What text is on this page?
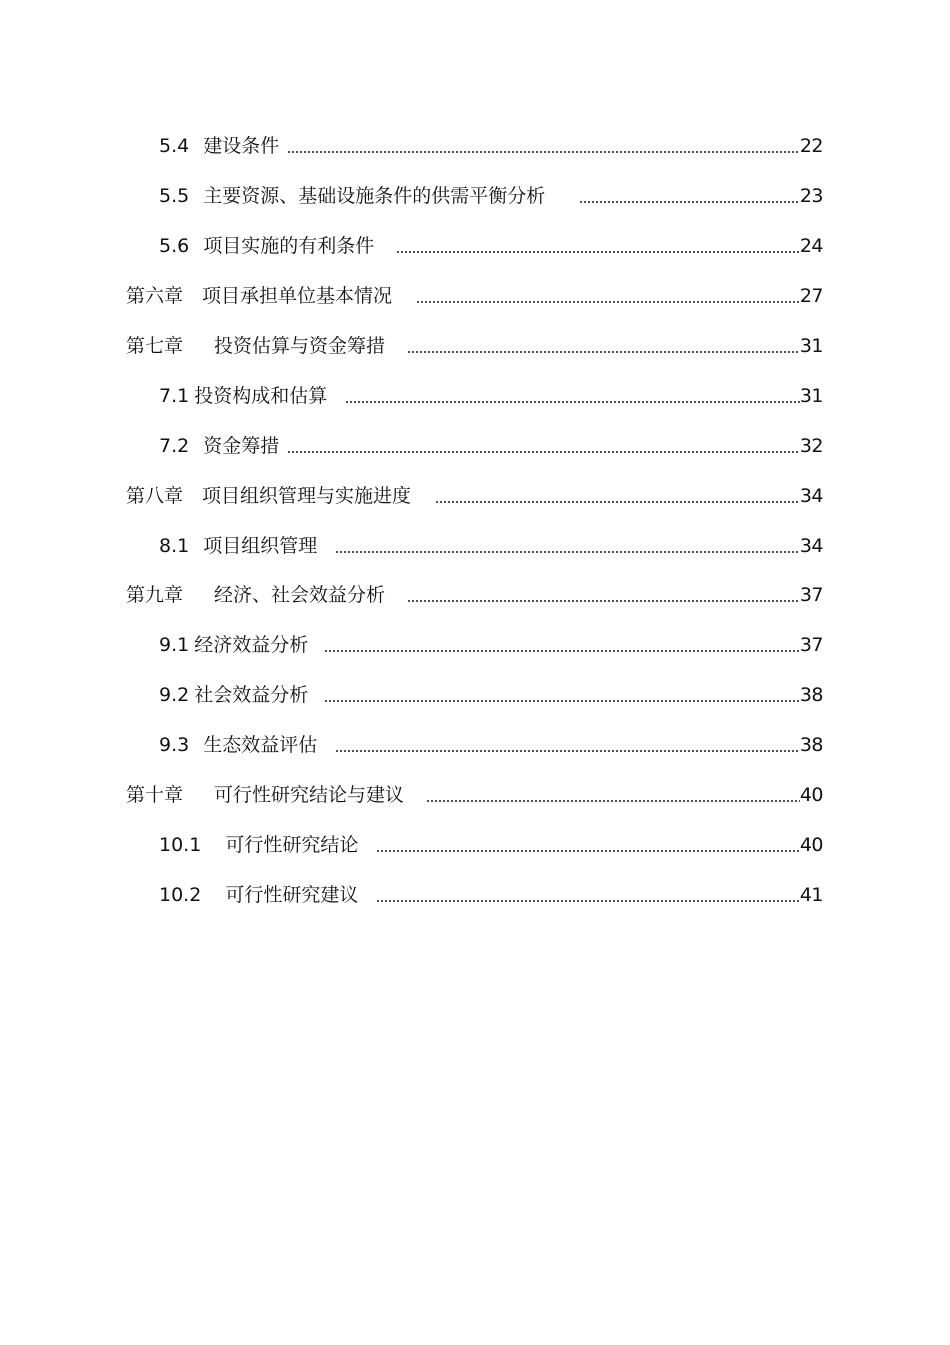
5.4 建设条件	22
5.5 主要资源、基础设施条件的供需平衡分析	23
5.6 项目实施的有利条件	24
第六章 项目承担单位基本情况	27
第七章 投资估算与资金筹措	31
7.1 投资构成和估算	31
7.2 资金筹措	32
第八章 项目组织管理与实施进度	34
8.1 项目组织管理	34
第九章 经济、社会效益分析	37
9.1 经济效益分析	37
9.2 社会效益分析	38
9.3 生态效益评估	38
第十章 可行性研究结论与建议	40
10.1 可行性研究结论	40
10.2 可行性研究建议	41
